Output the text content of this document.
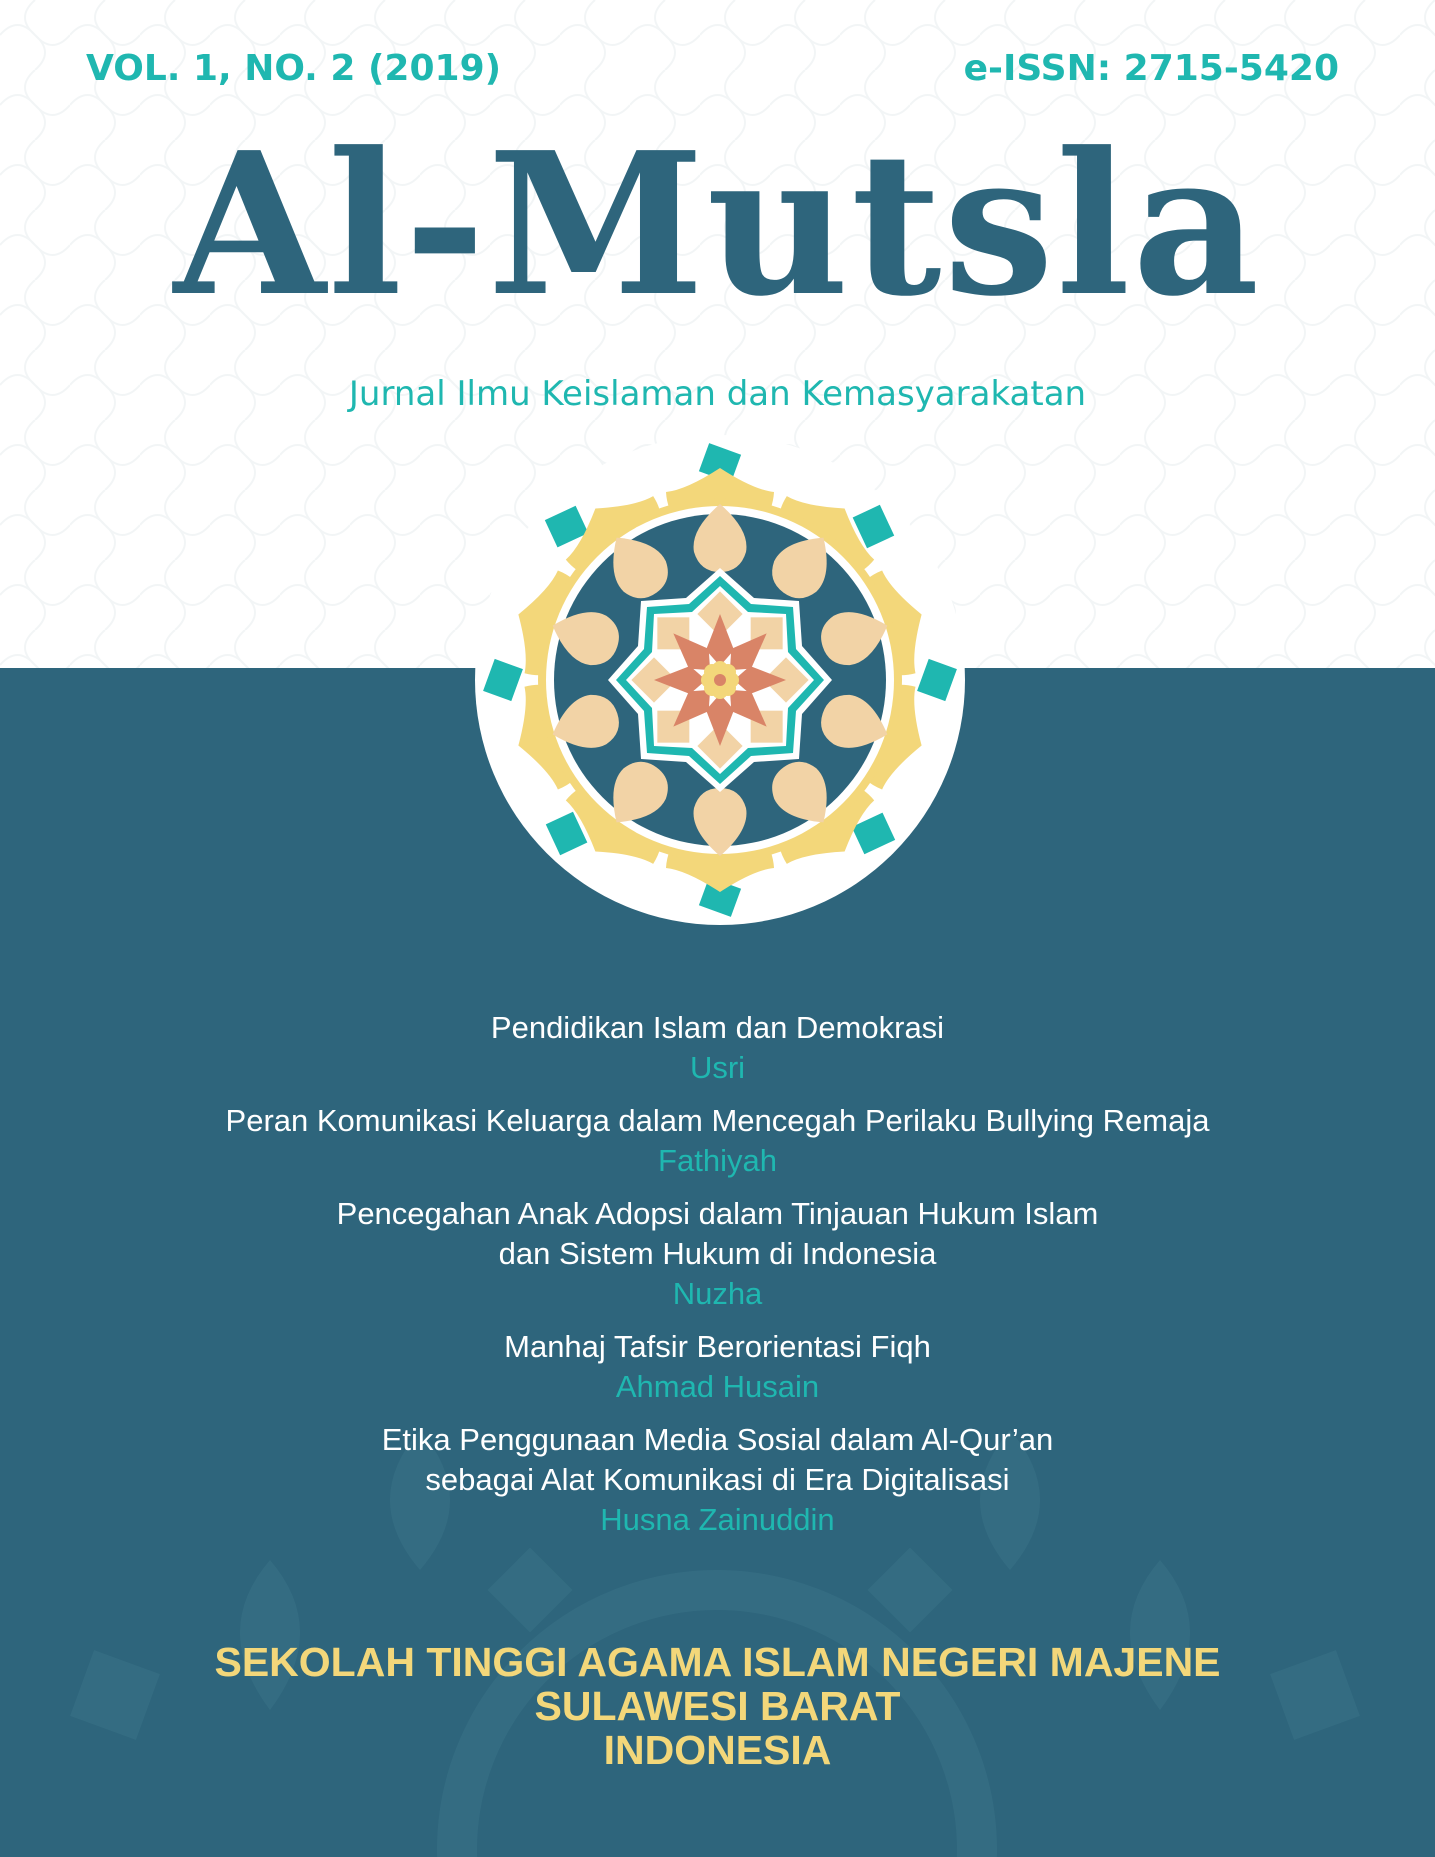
VOL. 1, NO. 2 (2019)	e-ISSN: 2715-5420
Al-Mutsla
Jurnal Ilmu Keislaman dan Kemasyarakatan
Pendidikan Islam dan Demokrasi
Usri
Peran Komunikasi Keluarga dalam Mencegah Perilaku Bullying Remaja
Fathiyah
Pencegahan Anak Adopsi dalam Tinjauan Hukum Islam
dan Sistem Hukum di Indonesia
Nuzha
Manhaj Tafsir Berorientasi Fiqh
Ahmad Husain
Etika Penggunaan Media Sosial dalam Al-Qur’an
sebagai Alat Komunikasi di Era Digitalisasi
Husna Zainuddin
SEKOLAH TINGGI AGAMA ISLAM NEGERI MAJENE
SULAWESI BARAT
INDONESIA
